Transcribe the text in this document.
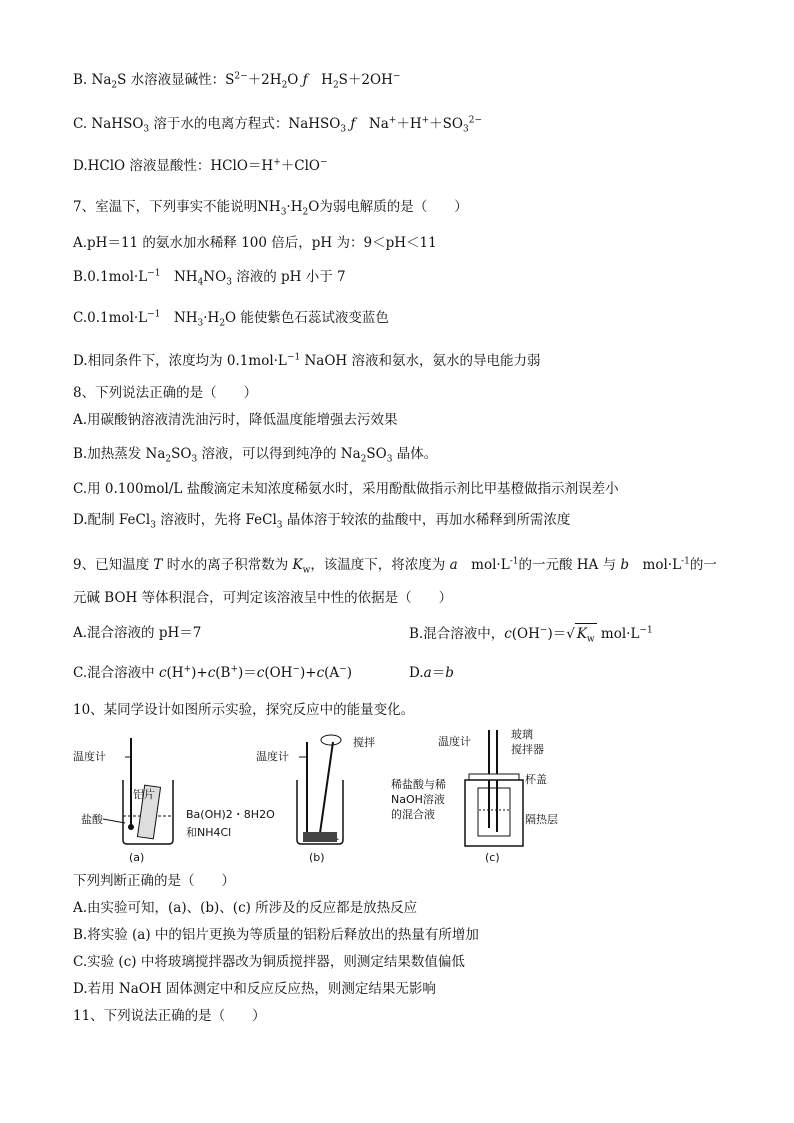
B. $Na_2S$ 水溶液显碱性：$S^{2-}+2H_2O$ ƒ　$H_2S+2OH^-$
C. NaHSO$_3$ 溶于水的电离方程式：NaHSO$_3$ ƒ　$Na^++H^++SO_3^{2-}$
D.HClO 溶液显酸性：HClO＝H+＋ClO−
7、室温下，下列事实不能说明$NH_3\cdot H_2O$为弱电解质的是（　　）
A.pH＝11 的氨水加水稀释 100 倍后，pH 为：9＜pH＜11
$B.0.1mol\cdot L^{-1}$　$NH_4NO_3$ 溶液的 pH 小于 7
$C.0.1mol\cdot L^{-1}$　$NH_3\cdot H_2O$ 能使紫色石蕊试液变蓝色
D.相同条件下，浓度均为 $0.1mol\cdot L^{-1}$ NaOH 溶液和氨水，氨水的导电能力弱
8、下列说法正确的是（　　）
A.用碳酸钠溶液清洗油污时，降低温度能增强去污效果
B.加热蒸发 $Na_2SO_3$ 溶液，可以得到纯净的 $Na_2SO_3$ 晶体。
C.用 0.100mol/L 盐酸滴定未知浓度稀氨水时，采用酚酞做指示剂比甲基橙做指示剂误差小
D.配制 FeCl$_3$ 溶液时，先将 FeCl$_3$ 晶体溶于较浓的盐酸中，再加水稀释到所需浓度
9、已知温度 T 时水的离子积常数为 $K_w$，该温度下，将浓度为 a　$mol\cdot L^{-1}$的一元酸 HA 与 b　$mol\cdot L^{-1}$的一
元碱 BOH 等体积混合，可判定该溶液呈中性的依据是（　　）
A.混合溶液的 pH＝7	B.混合溶液中，c(OH−)＝√ $K_w$ $mol\cdot L^{-1}$
C.混合溶液中 c(H+)+c(B+)＝c(OH−)+c(A−)	D.a＝b
10、某同学设计如图所示实验，探究反应中的能量变化。
温度计
铝片
盐酸
(a)
温度计
搅拌
Ba(OH)2・8H2O
和NH4Cl
(b)
温度计
玻璃
搅拌器
杯盖
稀盐酸与稀
NaOH溶液
的混合液	隔热层
(c)
下列判断正确的是（　　）
A.由实验可知，(a)、(b)、(c) 所涉及的反应都是放热反应
B.将实验 (a) 中的铝片更换为等质量的铝粉后释放出的热量有所增加
C.实验 (c) 中将玻璃搅拌器改为铜质搅拌器，则测定结果数值偏低
D.若用 NaOH 固体测定中和反应反应热，则测定结果无影响
11、下列说法正确的是（　　）
